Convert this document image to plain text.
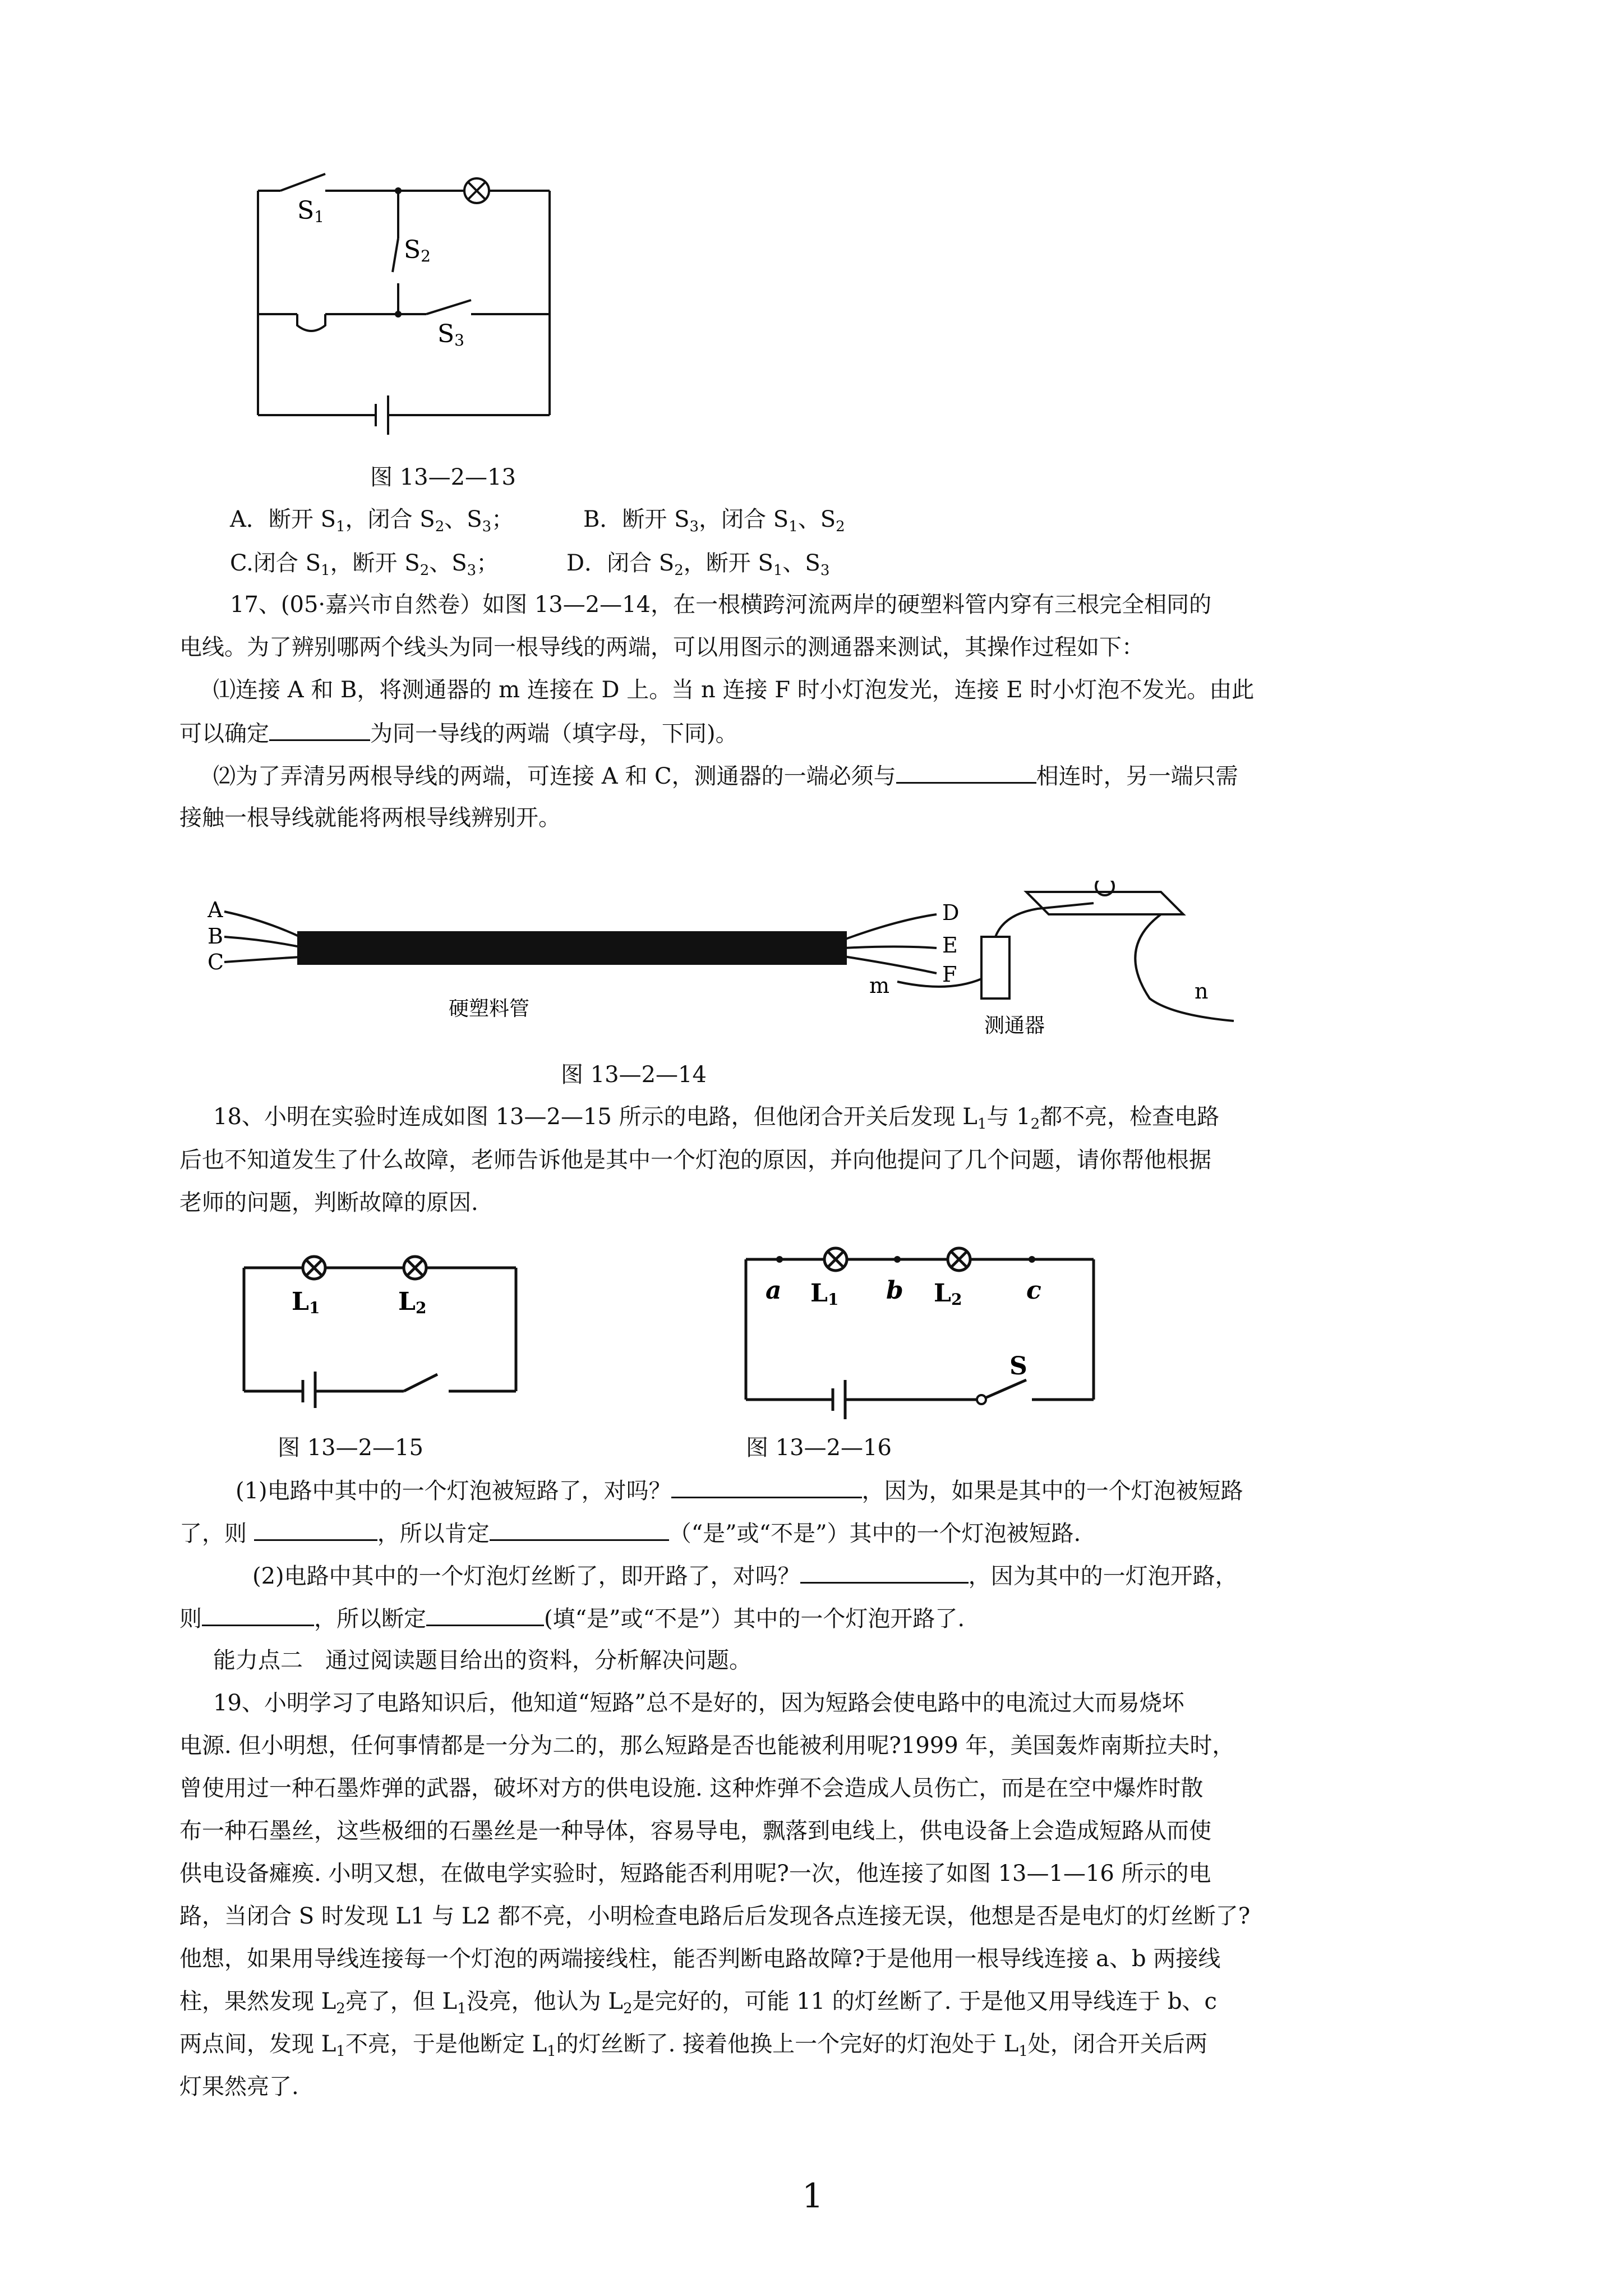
S1
S2
S3
图 13—2—13
A．断开 $S_1$，闭合 $S_2$、$S_3$；	B．断开 $S_3$，闭合 $S_1$、$S_2$
C.闭合 $S_1$，断开 $S_2$、$S_3$；	D．闭合 $S_2$，断开 $S_1$、$S_3$
17、(05·嘉兴市自然卷）如图 13—2—14，在一根横跨河流两岸的硬塑料管内穿有三根完全相同的
电线。为了辨别哪两个线头为同一根导线的两端，可以用图示的测通器来测试，其操作过程如下：
⑴连接 A 和 B，将测通器的 m 连接在 D 上。当 n 连接 F 时小灯泡发光，连接 E 时小灯泡不发光。由此
可以确定	为同一导线的两端（填字母，下同)。
⑵为了弄清另两根导线的两端，可连接 A 和 C，测通器的一端必须与	相连时，另一端只需
接触一根导线就能将两根导线辨别开。
A
B
C
D
E
F
硬塑料管
m	n
测通器
图 13—2—14
18、小明在实验时连成如图 13—2—15 所示的电路，但他闭合开关后发现 $L_1$与 $1_2$都不亮，检查电路
后也不知道发生了什么故障，老师告诉他是其中一个灯泡的原因，并向他提问了几个问题，请你帮他根据
老师的问题，判断故障的原因.
L1	L2
图 13—2—15
a L1 b L2	c
S
图 13—2—16
(1)电路中其中的一个灯泡被短路了，对吗？	，因为，如果是其中的一个灯泡被短路
了，则	，所以肯定	（“是”或“不是”）其中的一个灯泡被短路.
(2)电路中其中的一个灯泡灯丝断了，即开路了，对吗？	，因为其中的一灯泡开路，
则	，所以断定	(填“是”或“不是”）其中的一个灯泡开路了.
能力点二　通过阅读题目给出的资料，分析解决问题。
19、小明学习了电路知识后，他知道“短路”总不是好的，因为短路会使电路中的电流过大而易烧坏
电源. 但小明想，任何事情都是一分为二的，那么短路是否也能被利用呢?1999 年，美国轰炸南斯拉夫时，
曾使用过一种石墨炸弹的武器，破坏对方的供电设施. 这种炸弹不会造成人员伤亡，而是在空中爆炸时散
布一种石墨丝，这些极细的石墨丝是一种导体，容易导电，飘落到电线上，供电设备上会造成短路从而使
供电设备瘫痪. 小明又想，在做电学实验时，短路能否利用呢?一次，他连接了如图 13—1—16 所示的电
路，当闭合 S 时发现 L1 与 L2 都不亮，小明检查电路后后发现各点连接无误，他想是否是电灯的灯丝断了?
他想，如果用导线连接每一个灯泡的两端接线柱，能否判断电路故障?于是他用一根导线连接 a、b 两接线
柱，果然发现 $L_2$亮了，但 $L_1$没亮，他认为 $L_2$是完好的，可能 11 的灯丝断了. 于是他又用导线连于 b、c
两点间，发现 $L_1$不亮，于是他断定 $L_1$的灯丝断了. 接着他换上一个完好的灯泡处于 $L_1$处，闭合开关后两
灯果然亮了.
1
